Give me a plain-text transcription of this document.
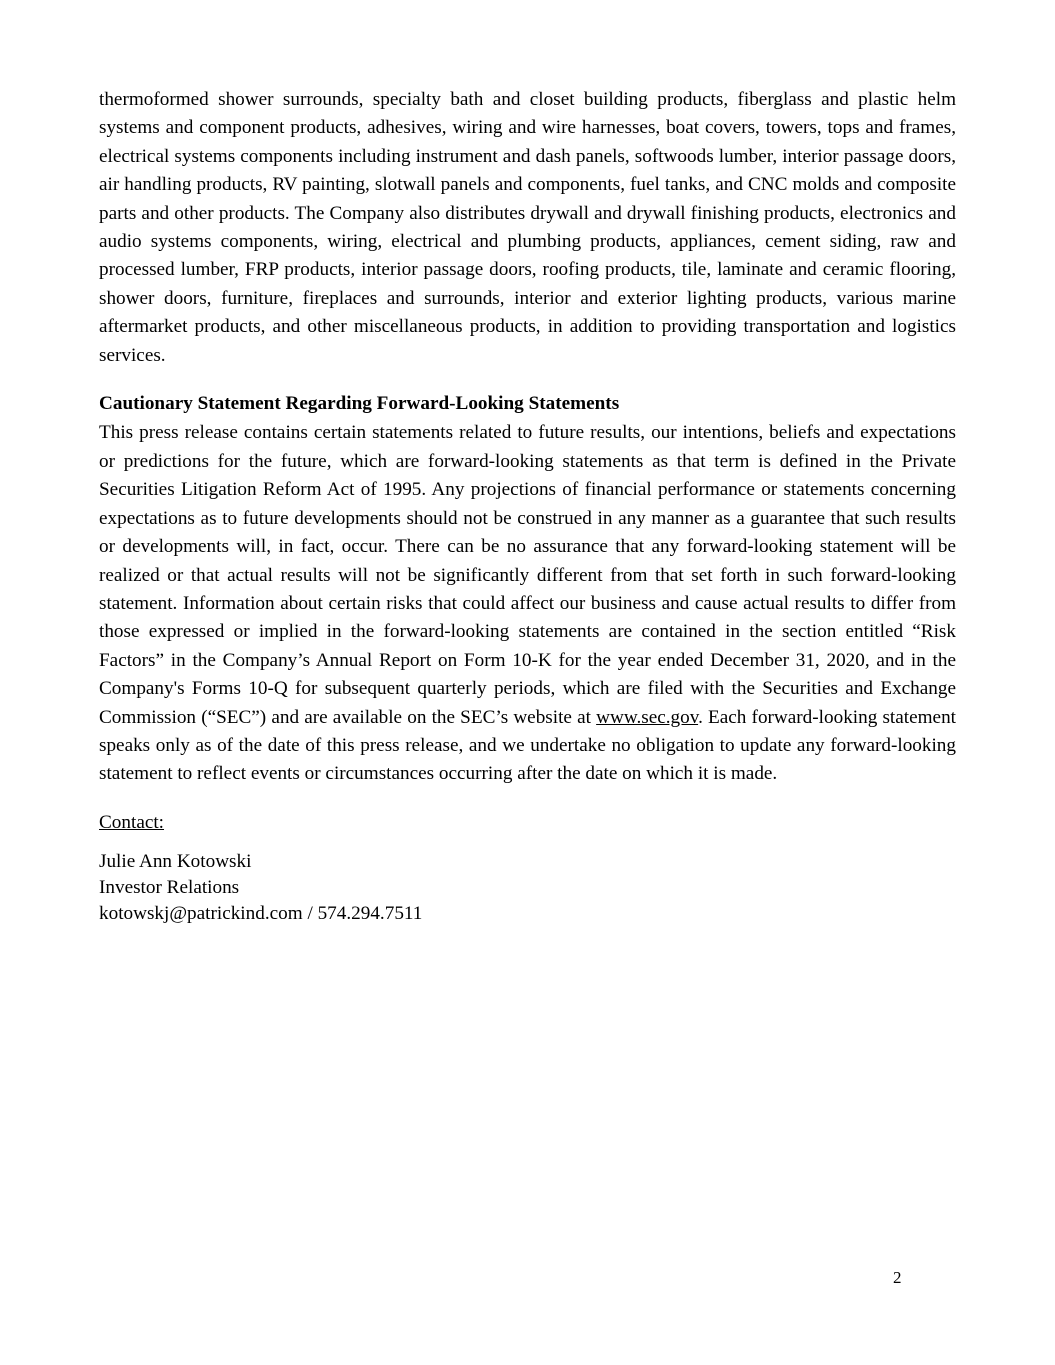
thermoformed shower surrounds, specialty bath and closet building products, fiberglass and plastic helm systems and component products, adhesives, wiring and wire harnesses, boat covers, towers, tops and frames, electrical systems components including instrument and dash panels, softwoods lumber, interior passage doors, air handling products, RV painting, slotwall panels and components, fuel tanks, and CNC molds and composite parts and other products. The Company also distributes drywall and drywall finishing products, electronics and audio systems components, wiring, electrical and plumbing products, appliances, cement siding, raw and processed lumber, FRP products, interior passage doors, roofing products, tile, laminate and ceramic flooring, shower doors, furniture, fireplaces and surrounds, interior and exterior lighting products, various marine aftermarket products, and other miscellaneous products, in addition to providing transportation and logistics services.

Cautionary Statement Regarding Forward-Looking Statements

This press release contains certain statements related to future results, our intentions, beliefs and expectations or predictions for the future, which are forward-looking statements as that term is defined in the Private Securities Litigation Reform Act of 1995. Any projections of financial performance or statements concerning expectations as to future developments should not be construed in any manner as a guarantee that such results or developments will, in fact, occur. There can be no assurance that any forward-looking statement will be realized or that actual results will not be significantly different from that set forth in such forward-looking statement. Information about certain risks that could affect our business and cause actual results to differ from those expressed or implied in the forward-looking statements are contained in the section entitled “Risk Factors” in the Company’s Annual Report on Form 10-K for the year ended December 31, 2020, and in the Company's Forms 10-Q for subsequent quarterly periods, which are filed with the Securities and Exchange Commission (“SEC”) and are available on the SEC’s website at www.sec.gov. Each forward-looking statement speaks only as of the date of this press release, and we undertake no obligation to update any forward-looking statement to reflect events or circumstances occurring after the date on which it is made.

Contact:
Julie Ann Kotowski
Investor Relations
kotowskj@patrickind.com / 574.294.7511
2
